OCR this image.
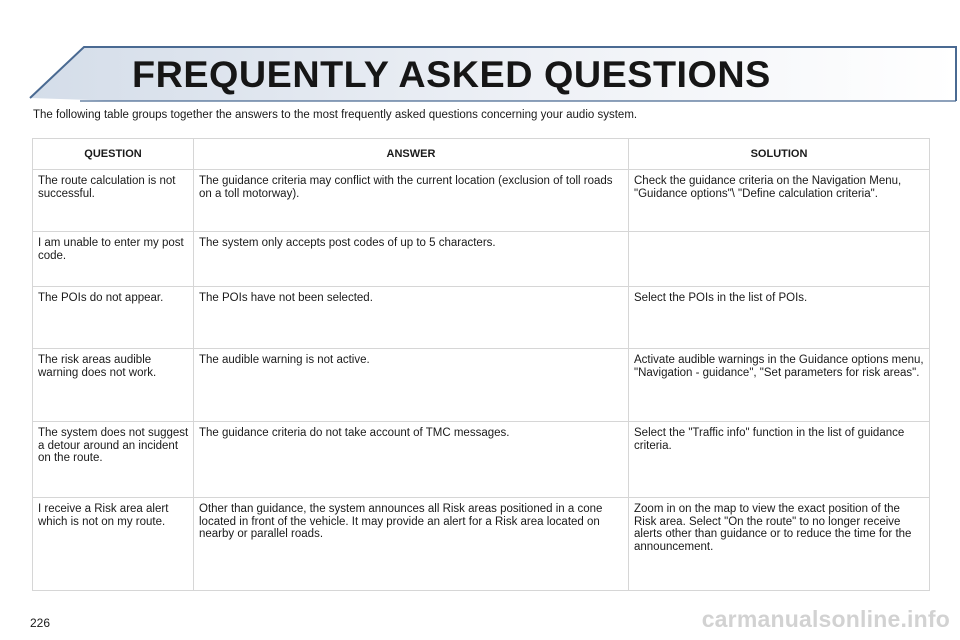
FREQUENTLY ASKED QUESTIONS
The following table groups together the answers to the most frequently asked questions concerning your audio system.
QUESTION	ANSWER	SOLUTION
The route calculation is not successful.	The guidance criteria may conflict with the current location (exclusion of toll roads on a toll motorway).	Check the guidance criteria on the Navigation Menu, "Guidance options"\ "Define calculation criteria".
I am unable to enter my post code.	The system only accepts post codes of up to 5 characters.	
The POIs do not appear.	The POIs have not been selected.	Select the POIs in the list of POIs.
The risk areas audible warning does not work.	The audible warning is not active.	Activate audible warnings in the Guidance options menu, "Navigation - guidance", "Set parameters for risk areas".
The system does not suggest a detour around an incident on the route.	The guidance criteria do not take account of TMC messages.	Select the "Traffic info" function in the list of guidance criteria.
I receive a Risk area alert which is not on my route.	Other than guidance, the system announces all Risk areas positioned in a cone located in front of the vehicle. It may provide an alert for a Risk area located on nearby or parallel roads.	Zoom in on the map to view the exact position of the Risk area. Select "On the route" to no longer receive alerts other than guidance or to reduce the time for the announcement.
226	carmanualsonline.info
